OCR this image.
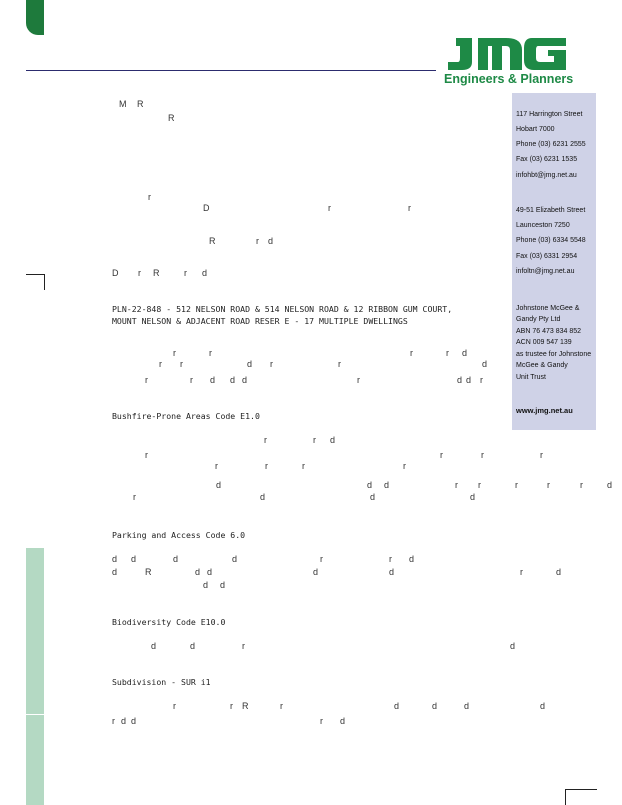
Engineers & Planners
117 Harrington Street
Hobart 7000
Phone (03) 6231 2555
Fax (03) 6231 1535
infohbt@jmg.net.au
49-51 Elizabeth Street
Launceston 7250
Phone (03) 6334 5548
Fax (03) 6331 2954
infoltn@jmg.net.au
Johnstone McGee &
Gandy Pty Ltd
ABN 76 473 834 852
ACN 009 547 139
as trustee for Johnstone
McGee & Gandy
Unit Trust
www.jmg.net.au
M R
R
r
D	r	r
R	r d
D r R	r d
r	r	r	r d
r r	d r	r	d
r	r d d d	r	d d r
r	r d
r	r	r	r
r	r	r	r
d	d d	r r	r	r	r	d
r	d	d	d
d	d	d	r	r d
d
R	d d	d	d	r	d
d
d d
d	d	r	d
r	r R	r	d	d	d	d
d d	r d
r
PLN-22-848 - 512 NELSON ROAD & 514 NELSON ROAD & 12 RIBBON GUM COURT,
MOUNT NELSON & ADJACENT ROAD RESER E - 17 MULTIPLE DWELLINGS
Bushfire-Prone Areas Code E1.0
Parking and Access Code 6.0
Biodiversity Code E10.0
Subdivision - SUR i1
